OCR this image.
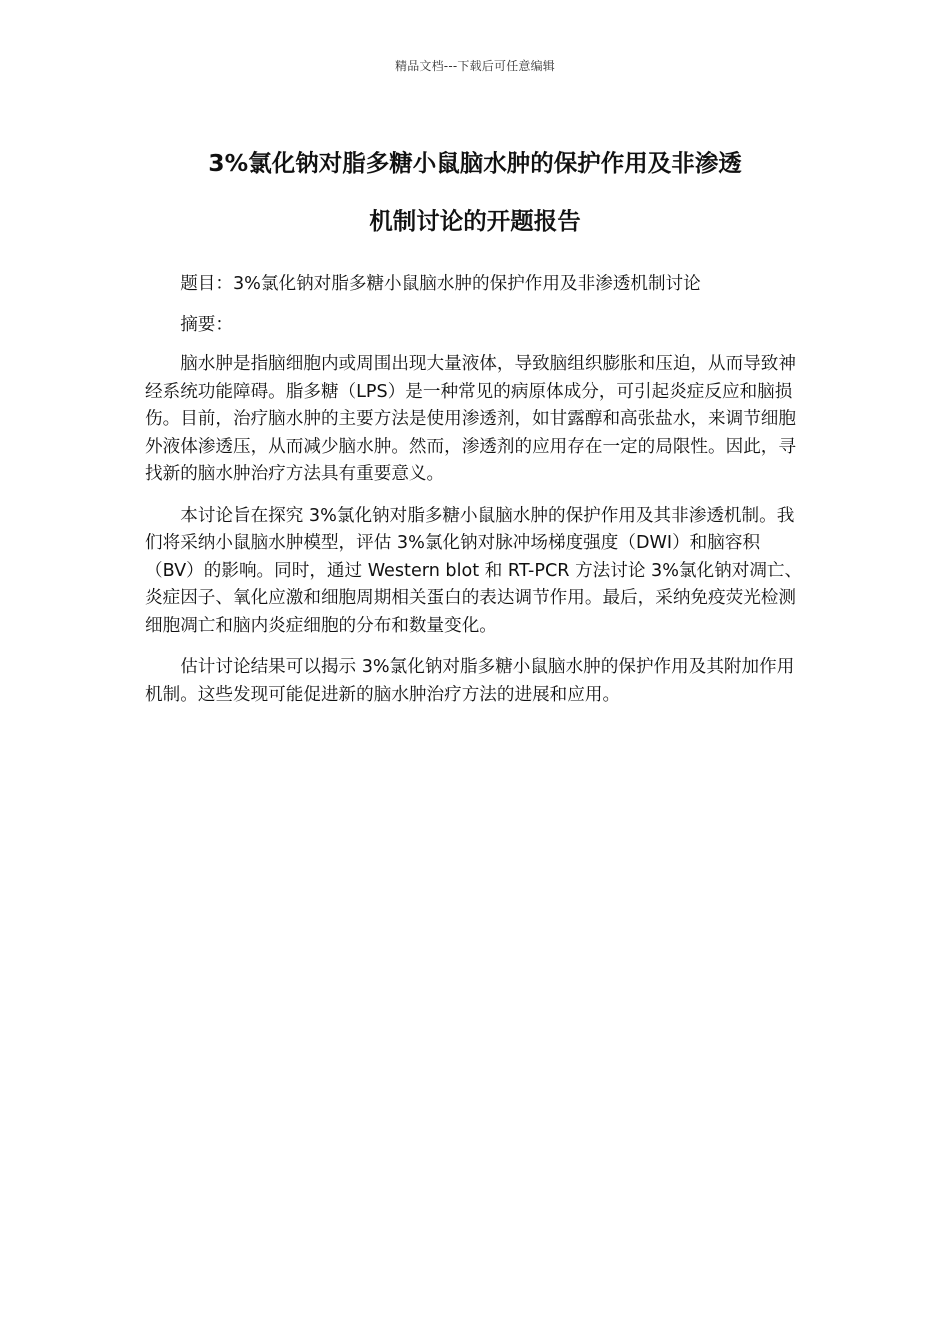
精品文档---下载后可任意编辑
3%氯化钠对脂多糖小鼠脑水肿的保护作用及非渗透
机制讨论的开题报告

题目：3%氯化钠对脂多糖小鼠脑水肿的保护作用及非渗透机制讨论

摘要：

脑水肿是指脑细胞内或周围出现大量液体，导致脑组织膨胀和压迫，从而导致神经系统功能障碍。脂多糖（LPS）是一种常见的病原体成分，可引起炎症反应和脑损伤。目前，治疗脑水肿的主要方法是使用渗透剂，如甘露醇和高张盐水，来调节细胞外液体渗透压，从而减少脑水肿。然而，渗透剂的应用存在一定的局限性。因此，寻找新的脑水肿治疗方法具有重要意义。

本讨论旨在探究 3%氯化钠对脂多糖小鼠脑水肿的保护作用及其非渗透机制。我们将采纳小鼠脑水肿模型，评估 3%氯化钠对脉冲场梯度强度（DWI）和脑容积（BV）的影响。同时，通过 Western blot 和 RT-PCR 方法讨论 3%氯化钠对凋亡、炎症因子、氧化应激和细胞周期相关蛋白的表达调节作用。最后，采纳免疫荧光检测细胞凋亡和脑内炎症细胞的分布和数量变化。

估计讨论结果可以揭示 3%氯化钠对脂多糖小鼠脑水肿的保护作用及其附加作用机制。这些发现可能促进新的脑水肿治疗方法的进展和应用。
